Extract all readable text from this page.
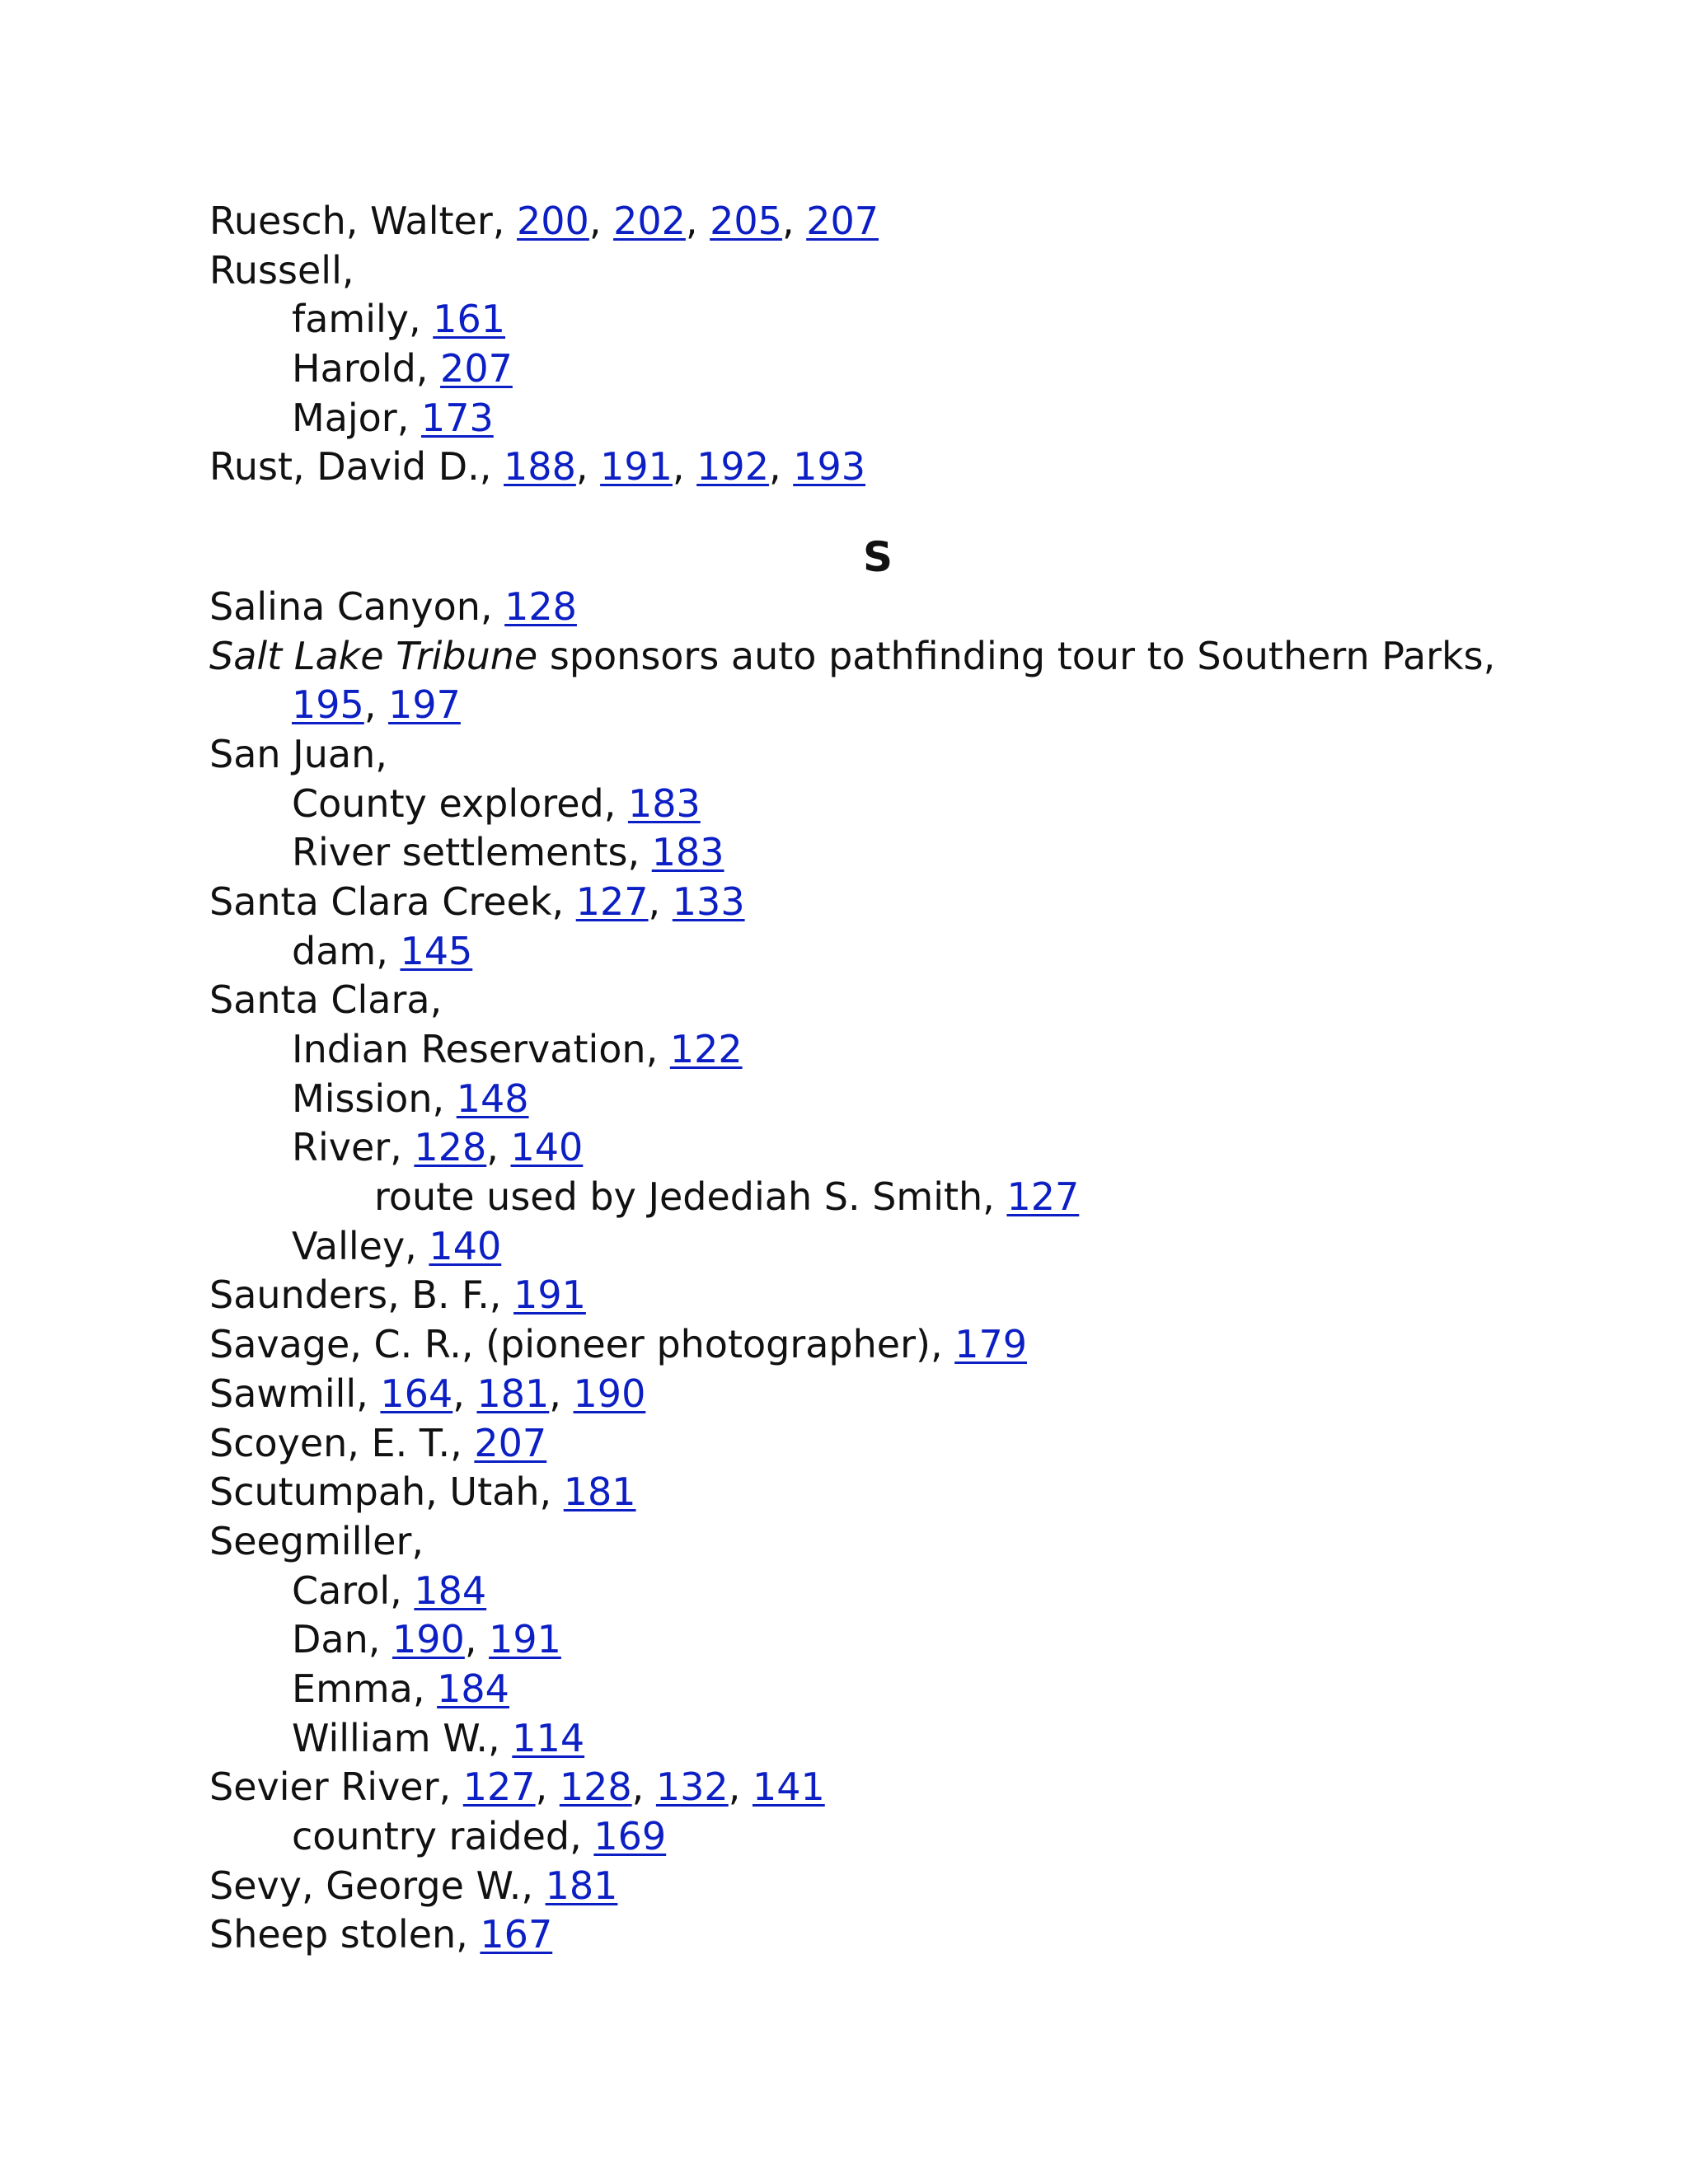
Ruesch, Walter, 200, 202, 205, 207
Russell,
family, 161
Harold, 207
Major, 173
Rust, David D., 188, 191, 192, 193
S
Salina Canyon, 128
Salt Lake Tribune sponsors auto pathfinding tour to Southern Parks,
195, 197
San Juan,
County explored, 183
River settlements, 183
Santa Clara Creek, 127, 133
dam, 145
Santa Clara,
Indian Reservation, 122
Mission, 148
River, 128, 140
route used by Jedediah S. Smith, 127
Valley, 140
Saunders, B. F., 191
Savage, C. R., (pioneer photographer), 179
Sawmill, 164, 181, 190
Scoyen, E. T., 207
Scutumpah, Utah, 181
Seegmiller,
Carol, 184
Dan, 190, 191
Emma, 184
William W., 114
Sevier River, 127, 128, 132, 141
country raided, 169
Sevy, George W., 181
Sheep stolen, 167
